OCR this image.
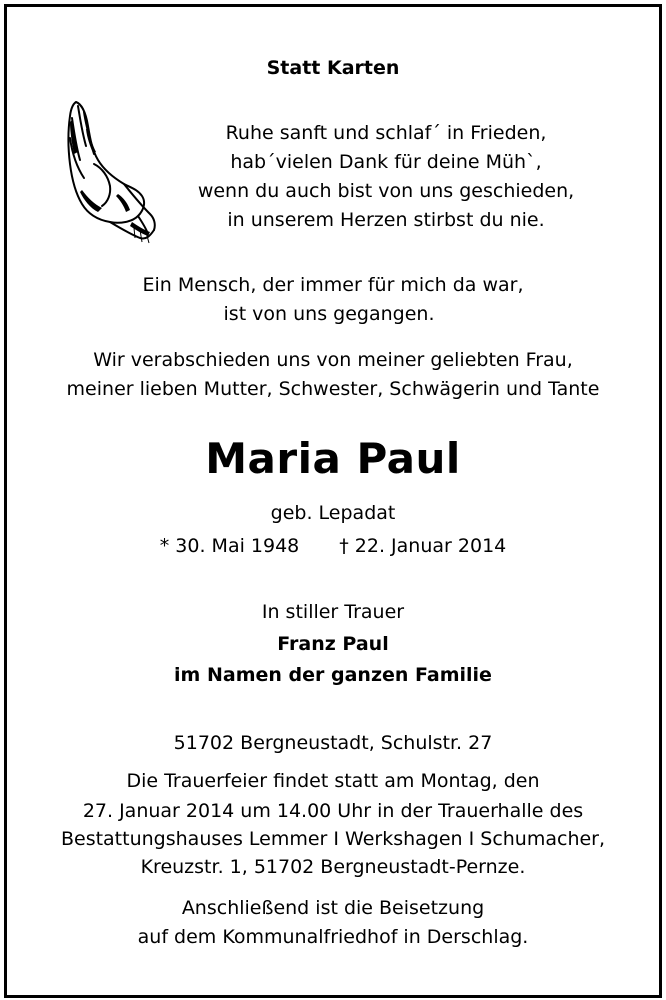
Statt Karten
Ruhe sanft und schlaf´ in Frieden,
hab´vielen Dank für deine Müh`,
wenn du auch bist von uns geschieden,
in unserem Herzen stirbst du nie.
Ein Mensch, der immer für mich da war,
ist von uns gegangen.
Wir verabschieden uns von meiner geliebten Frau,
meiner lieben Mutter, Schwester, Schwägerin und Tante
Maria Paul
geb. Lepadat
* 30. Mai 1948 † 22. Januar 2014
In stiller Trauer
Franz Paul
im Namen der ganzen Familie
51702 Bergneustadt, Schulstr. 27
Die Trauerfeier findet statt am Montag, den
27. Januar 2014 um 14.00 Uhr in der Trauerhalle des
Bestattungshauses Lemmer I Werkshagen I Schumacher,
Kreuzstr. 1, 51702 Bergneustadt-Pernze.
Anschließend ist die Beisetzung
auf dem Kommunalfriedhof in Derschlag.
